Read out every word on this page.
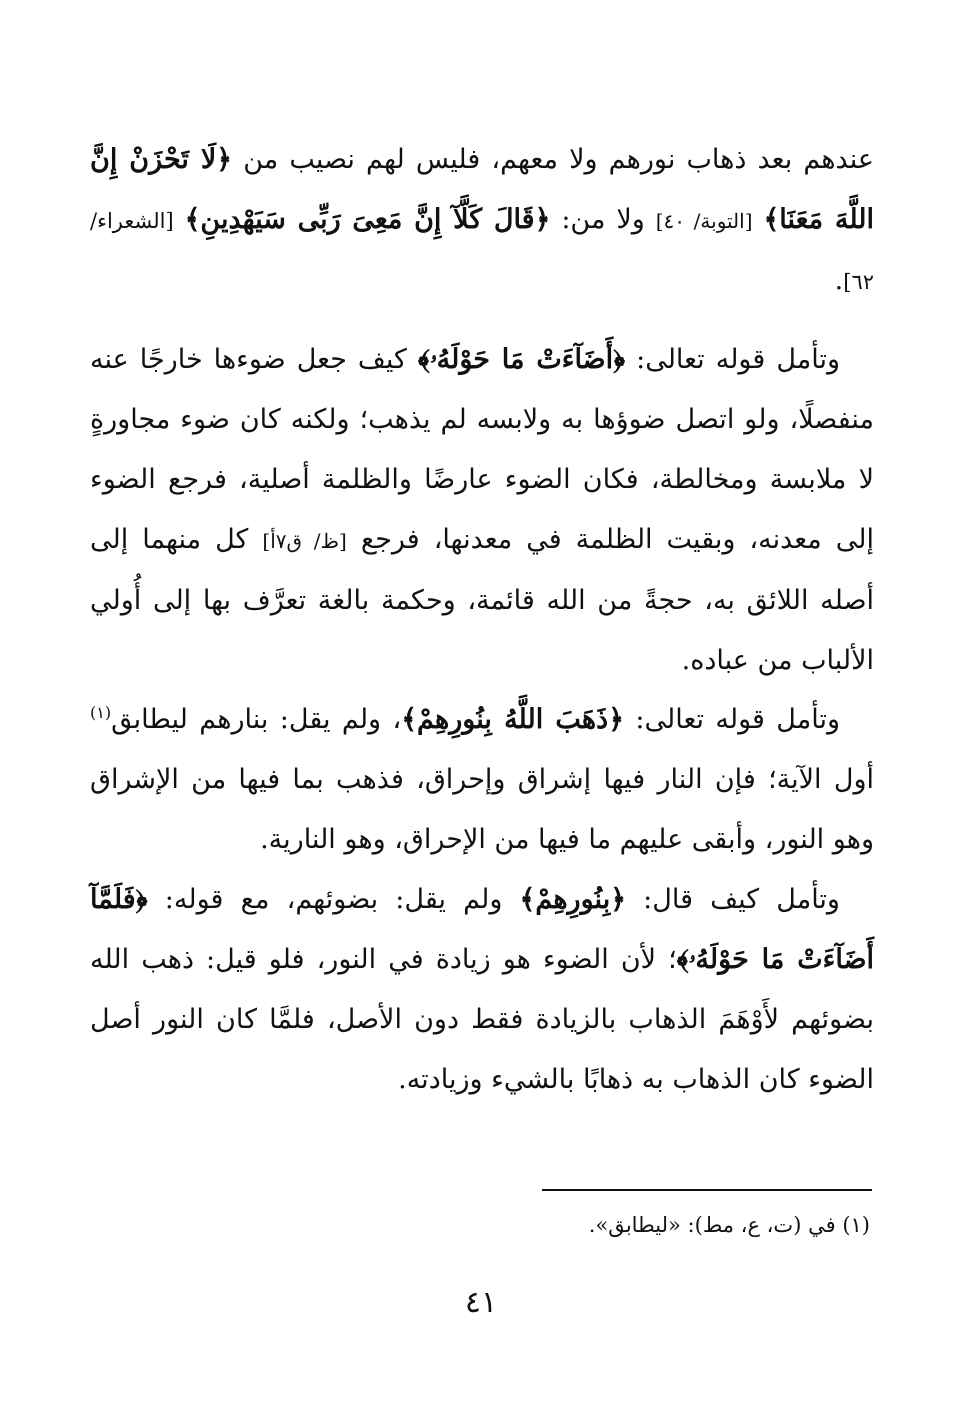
عندهم بعد ذهاب نورهم ولا معهم، فليس لهم نصيب من ﴿لَا تَحْزَنْ إِنَّ اللَّهَ مَعَنَا﴾ [التوبة/ ٤٠] ولا من: ﴿قَالَ كَلَّآ إِنَّ مَعِىَ رَبِّى سَيَهْدِينِ﴾ [الشعراء/ ٦٢].

وتأمل قوله تعالى: ﴿أَضَآءَتْ مَا حَوْلَهُۥ﴾ كيف جعل ضوءها خارجًا عنه منفصلًا، ولو اتصل ضوؤها به ولابسه لم يذهب؛ ولكنه كان ضوء مجاورةٍ لا ملابسة ومخالطة، فكان الضوء عارضًا والظلمة أصلية، فرجع الضوء إلى معدنه، وبقيت الظلمة في معدنها، فرجع [ظ/ ق٧أ] كل منهما إلى أصله اللائق به، حجةً من الله قائمة، وحكمة بالغة تعرَّف بها إلى أُولي الألباب من عباده.

وتأمل قوله تعالى: ﴿ذَهَبَ اللَّهُ بِنُورِهِمْ﴾، ولم يقل: بنارهم ليطابق$^{(١)}$ أول الآية؛ فإن النار فيها إشراق وإحراق، فذهب بما فيها من الإشراق وهو النور، وأبقى عليهم ما فيها من الإحراق، وهو النارية.

وتأمل كيف قال: ﴿بِنُورِهِمْ﴾ ولم يقل: بضوئهم، مع قوله: ﴿فَلَمَّآ أَضَآءَتْ مَا حَوْلَهُۥ﴾؛ لأن الضوء هو زيادة في النور، فلو قيل: ذهب الله بضوئهم لأَوْهَمَ الذهاب بالزيادة فقط دون الأصل، فلمَّا كان النور أصل الضوء كان الذهاب به ذهابًا بالشيء وزيادته.

(١) في (ت، ع، مط): «ليطابق».
٤١
